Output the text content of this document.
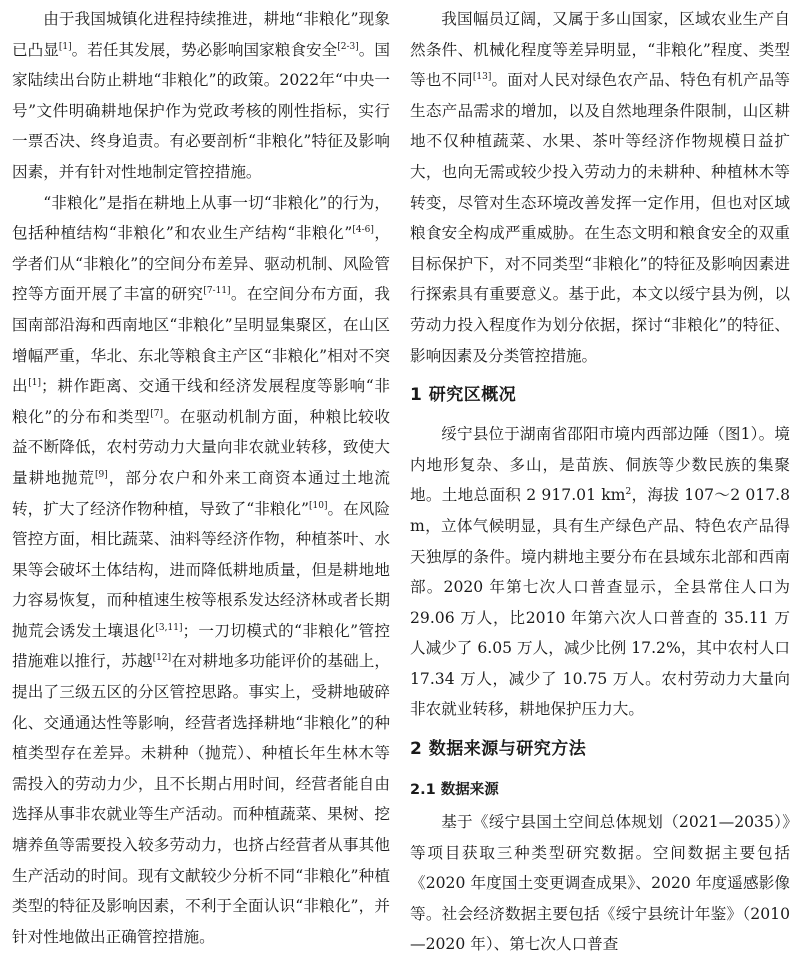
由于我国城镇化进程持续推进，耕地“非粮化”现象已凸显[1]。若任其发展，势必影响国家粮食安全[2-3]。国家陆续出台防止耕地“非粮化”的政策。2022年“中央一号”文件明确耕地保护作为党政考核的刚性指标，实行一票否决、终身追责。有必要剖析“非粮化”特征及影响因素，并有针对性地制定管控措施。

“非粮化”是指在耕地上从事一切“非粮化”的行为，包括种植结构“非粮化”和农业生产结构“非粮化”[4-6]，学者们从“非粮化”的空间分布差异、驱动机制、风险管控等方面开展了丰富的研究[7-11]。在空间分布方面，我国南部沿海和西南地区“非粮化”呈明显集聚区，在山区增幅严重，华北、东北等粮食主产区“非粮化”相对不突出[1]；耕作距离、交通干线和经济发展程度等影响“非粮化”的分布和类型[7]。在驱动机制方面，种粮比较收益不断降低，农村劳动力大量向非农就业转移，致使大量耕地抛荒[9]，部分农户和外来工商资本通过土地流转，扩大了经济作物种植，导致了“非粮化”[10]。在风险管控方面，相比蔬菜、油料等经济作物，种植茶叶、水果等会破坏土体结构，进而降低耕地质量，但是耕地地力容易恢复，而种植速生桉等根系发达经济林或者长期抛荒会诱发土壤退化[3,11]；一刀切模式的“非粮化”管控措施难以推行，苏越[12]在对耕地多功能评价的基础上，提出了三级五区的分区管控思路。事实上，受耕地破碎化、交通通达性等影响，经营者选择耕地“非粮化”的种植类型存在差异。未耕种（抛荒）、种植长年生林木等需投入的劳动力少，且不长期占用时间，经营者能自由选择从事非农就业等生产活动。而种植蔬菜、果树、挖塘养鱼等需要投入较多劳动力，也挤占经营者从事其他生产活动的时间。现有文献较少分析不同“非粮化”种植类型的特征及影响因素，不利于全面认识“非粮化”，并针对性地做出正确管控措施。

我国幅员辽阔，又属于多山国家，区域农业生产自然条件、机械化程度等差异明显，“非粮化”程度、类型等也不同[13]。面对人民对绿色农产品、特色有机产品等生态产品需求的增加，以及自然地理条件限制，山区耕地不仅种植蔬菜、水果、茶叶等经济作物规模日益扩大，也向无需或较少投入劳动力的未耕种、种植林木等转变，尽管对生态环境改善发挥一定作用，但也对区域粮食安全构成严重威胁。在生态文明和粮食安全的双重目标保护下，对不同类型“非粮化”的特征及影响因素进行探索具有重要意义。基于此，本文以绥宁县为例，以劳动力投入程度作为划分依据，探讨“非粮化”的特征、影响因素及分类管控措施。

1 研究区概况

绥宁县位于湖南省邵阳市境内西部边陲（图1）。境内地形复杂、多山，是苗族、侗族等少数民族的集聚地。土地总面积 2 917.01 $km^2$，海拔 107～2 017.8 m，立体气候明显，具有生产绿色产品、特色农产品得天独厚的条件。境内耕地主要分布在县域东北部和西南部。2020 年第七次人口普查显示，全县常住人口为29.06 万人，比2010 年第六次人口普查的 35.11 万人减少了 6.05 万人，减少比例 17.2%，其中农村人口 17.34 万人，减少了 10.75 万人。农村劳动力大量向非农就业转移，耕地保护压力大。

2 数据来源与研究方法
2.1 数据来源

基于《绥宁县国土空间总体规划（2021—2035）》等项目获取三种类型研究数据。空间数据主要包括《2020 年度国土变更调查成果》、2020 年度遥感影像等。社会经济数据主要包括《绥宁县统计年鉴》（2010—2020 年）、第七次人口普查
